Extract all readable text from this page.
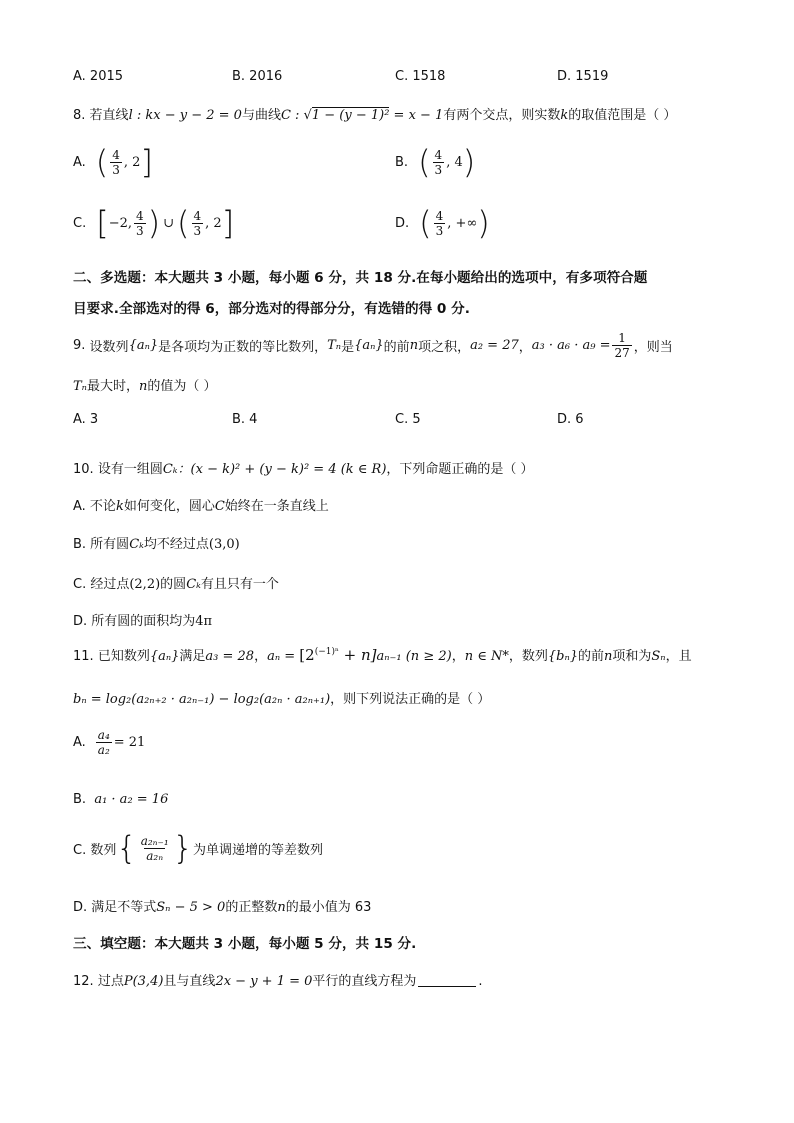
A. 2015	B. 2016	C. 1518	D. 1519
8. 若直线l : kx − y − 2 = 0与曲线C : √1 − (y − 1)² = x − 1有两个交点，则实数k的取值范围是（ ）
A. ( $\frac{4}{3}$ , 2 ]	B. ( $\frac{4}{3}$ , 4 )
C. [ −2, $\frac{4}{3}$ ) ∪ ( $\frac{4}{3}$ , 2 ]	D. ( $\frac{4}{3}$ , +∞ )
二、多选题：本大题共 3 小题，每小题 6 分，共 18 分.在每小题给出的选项中，有多项符合题
目要求.全部选对的得 6，部分选对的得部分分，有选错的得 0 分.
9.
设数列 {aₙ} 是各项均为正数的等比数列， Tₙ 是 {aₙ} 的前 n 项之积， a₂ = 27 ， $a_3 \cdot a_6 \cdot a_9 = \frac{1}{27}$ ，则当
Tₙ最大时，n的值为（ ）
A. 3	B. 4	C. 5	D. 6
10. 设有一组圆Cₖ：(x − k)² + (y − k)² = 4 (k ∈ R)，下列命题正确的是（ ）
A. 不论k如何变化，圆心C始终在一条直线上
B. 所有圆Cₖ均不经过点(3,0)
C. 经过点(2,2)的圆Cₖ有且只有一个
D. 所有圆的面积均为4π
11. 已知数列{aₙ}满足a₃ = 28，$a_n = [2^{(-1)^n} + n]a_{n-1}$ (n ≥ 2)，n ∈ N*，数列{bₙ}的前n项和为Sₙ，且
bₙ = log₂(a₂ₙ₊₂ · a₂ₙ₋₁) − log₂(a₂ₙ · a₂ₙ₊₁)，则下列说法正确的是（ ）
A. $\frac{\text{a₄}}{\text{a₂}} = 21$
B. a₁ · a₂ = 16
C. 数列 { $\frac{\text{a₂ₙ₋₁}}{\text{a₂ₙ}}$ } 为单调递增的等差数列
D. 满足不等式Sₙ − 5 > 0的正整数n的最小值为 63
三、填空题：本大题共 3 小题，每小题 5 分，共 15 分.
12. 过点P(3,4)且与直线2x − y + 1 = 0平行的直线方程为	.
